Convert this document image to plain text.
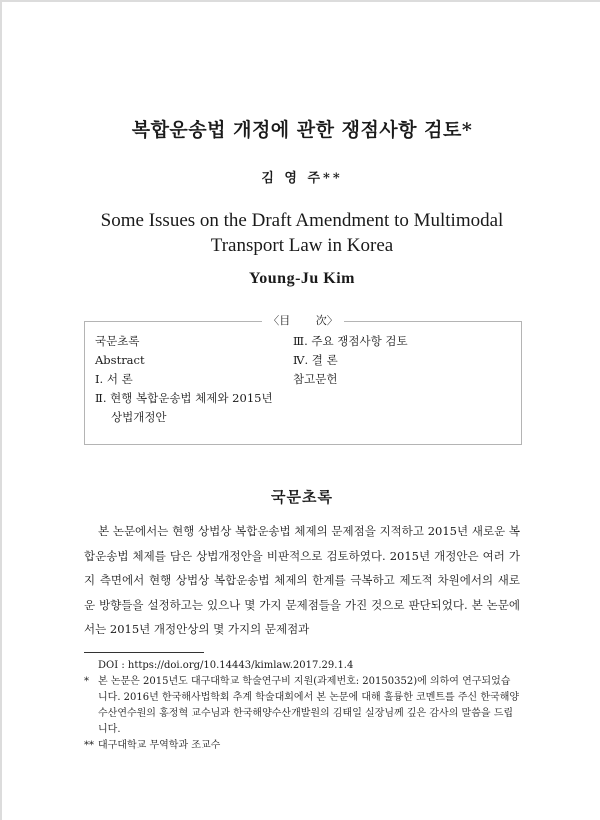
복합운송법 개정에 관한 쟁점사항 검토*
김 영 주**
Some Issues on the Draft Amendment to Multimodal
Transport Law in Korea
Young-Ju Kim
〈目 次〉
국문초록
Abstract
Ⅰ. 서 론
Ⅱ. 현행 복합운송법 체제와 2015년
상법개정안
Ⅲ. 주요 쟁점사항 검토
Ⅳ. 결 론
참고문헌
국문초록

본 논문에서는 현행 상법상 복합운송법 체제의 문제점을 지적하고 2015년 새로운 복합운송법 체제를 담은 상법개정안을 비판적으로 검토하였다. 2015년 개정안은 여러 가지 측면에서 현행 상법상 복합운송법 체제의 한계를 극복하고 제도적 차원에서의 새로운 방향들을 설정하고는 있으나 몇 가지 문제점들을 가진 것으로 판단되었다. 본 논문에서는 2015년 개정안상의 몇 가지의 문제점과

DOI : https://doi.org/10.14443/kimlaw.2017.29.1.4
* 본 논문은 2015년도 대구대학교 학술연구비 지원(과제번호: 20150352)에 의하여 연구되었습니다. 2016년 한국해사법학회 추계 학술대회에서 본 논문에 대해 훌륭한 코멘트를 주신 한국해양수산연수원의 홍정혁 교수님과 한국해양수산개발원의 김태일 실장님께 깊은 감사의 말씀을 드립니다.
** 대구대학교 무역학과 조교수
